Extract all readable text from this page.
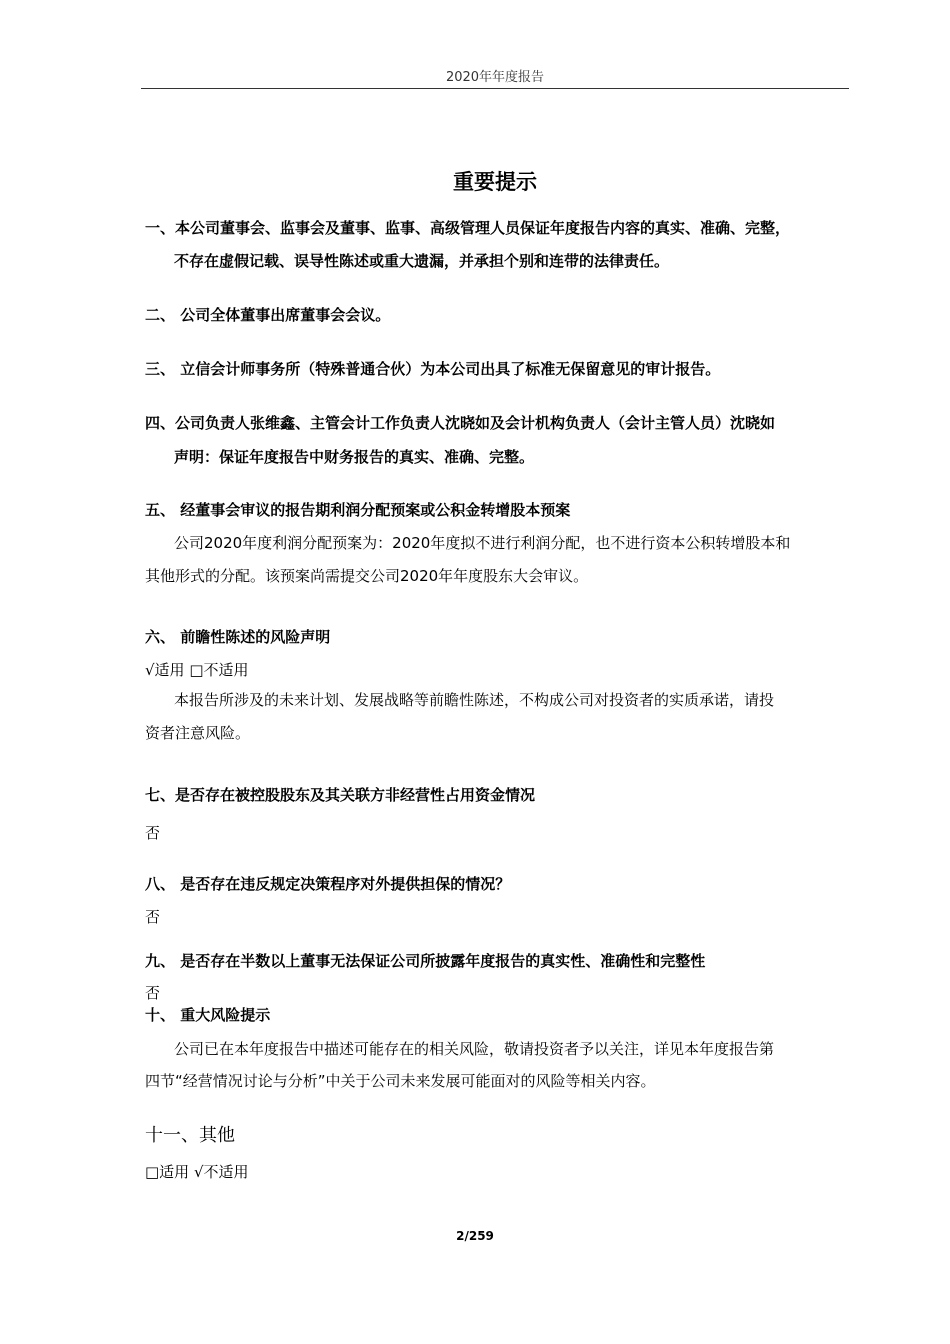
2020年年度报告
重要提示
一、本公司董事会、监事会及董事、监事、高级管理人员保证年度报告内容的真实、准确、完整，
不存在虚假记载、误导性陈述或重大遗漏，并承担个别和连带的法律责任。
二、 公司全体董事出席董事会会议。
三、 立信会计师事务所（特殊普通合伙）为本公司出具了标准无保留意见的审计报告。
四、公司负责人张维鑫、主管会计工作负责人沈晓如及会计机构负责人（会计主管人员）沈晓如
声明：保证年度报告中财务报告的真实、准确、完整。
五、 经董事会审议的报告期利润分配预案或公积金转增股本预案
公司2020年度利润分配预案为：2020年度拟不进行利润分配，也不进行资本公积转增股本和
其他形式的分配。该预案尚需提交公司2020年年度股东大会审议。
六、 前瞻性陈述的风险声明
√适用 □不适用
本报告所涉及的未来计划、发展战略等前瞻性陈述，不构成公司对投资者的实质承诺，请投
资者注意风险。
七、是否存在被控股股东及其关联方非经营性占用资金情况
否
八、 是否存在违反规定决策程序对外提供担保的情况？
否
九、 是否存在半数以上董事无法保证公司所披露年度报告的真实性、准确性和完整性
否
十、 重大风险提示
公司已在本年度报告中描述可能存在的相关风险，敬请投资者予以关注，详见本年度报告第
四节“经营情况讨论与分析”中关于公司未来发展可能面对的风险等相关内容。
十一、其他
□适用 √不适用
2/259
